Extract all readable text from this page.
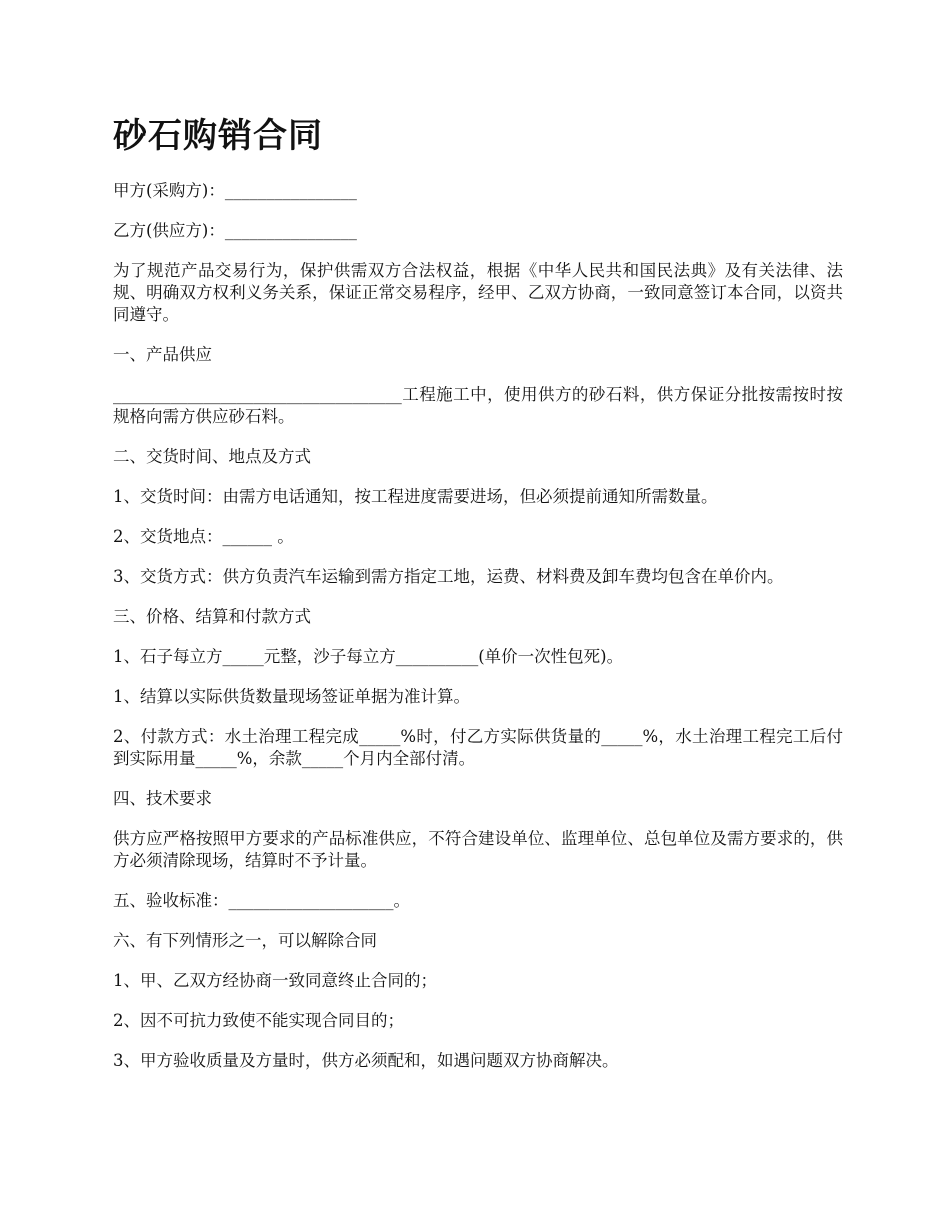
砂石购销合同

甲方(采购方)：________________

乙方(供应方)：________________

为了规范产品交易行为，保护供需双方合法权益，根据《中华人民共和国民法典》及有关法律、法规、明确双方权利义务关系，保证正常交易程序，经甲、乙双方协商，一致同意签订本合同，以资共同遵守。

一、产品供应

___________________________________工程施工中，使用供方的砂石料，供方保证分批按需按时按规格向需方供应砂石料。

二、交货时间、地点及方式

1、交货时间：由需方电话通知，按工程进度需要进场，但必须提前通知所需数量。

2、交货地点：______ 。

3、交货方式：供方负责汽车运输到需方指定工地，运费、材料费及卸车费均包含在单价内。

三、价格、结算和付款方式

1、石子每立方_____元整，沙子每立方__________(单价一次性包死)。

1、结算以实际供货数量现场签证单据为准计算。

2、付款方式：水土治理工程完成_____%时，付乙方实际供货量的_____%，水土治理工程完工后付到实际用量_____%，余款_____个月内全部付清。

四、技术要求

供方应严格按照甲方要求的产品标准供应，不符合建设单位、监理单位、总包单位及需方要求的，供方必须清除现场，结算时不予计量。

五、验收标准：____________________。

六、有下列情形之一，可以解除合同

1、甲、乙双方经协商一致同意终止合同的；

2、因不可抗力致使不能实现合同目的；

3、甲方验收质量及方量时，供方必须配和，如遇问题双方协商解决。
